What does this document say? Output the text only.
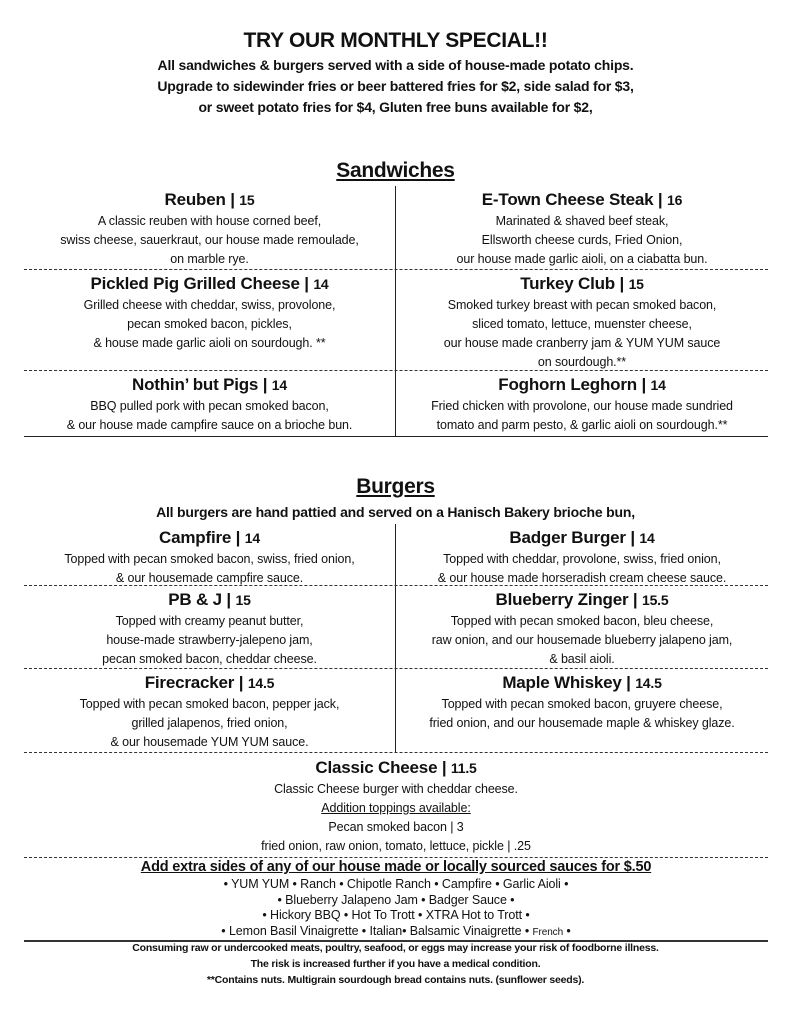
TRY OUR MONTHLY SPECIAL!!
All sandwiches & burgers served with a side of house-made potato chips.
Upgrade to sidewinder fries or beer battered fries for $2, side salad for $3,
or sweet potato fries for $4, Gluten free buns available for $2,
Sandwiches
Reuben | 15
A classic reuben with house corned beef,
swiss cheese, sauerkraut, our house made remoulade,
on marble rye.
E-Town Cheese Steak | 16
Marinated & shaved beef steak,
Ellsworth cheese curds, Fried Onion,
our house made garlic aioli, on a ciabatta bun.
Pickled Pig Grilled Cheese | 14
Grilled cheese with cheddar, swiss, provolone,
pecan smoked bacon, pickles,
& house made garlic aioli on sourdough. **
Turkey Club | 15
Smoked turkey breast with pecan smoked bacon,
sliced tomato, lettuce, muenster cheese,
our house made cranberry jam & YUM YUM sauce
on sourdough.**
Nothin’ but Pigs | 14
BBQ pulled pork with pecan smoked bacon,
& our house made campfire sauce on a brioche bun.
Foghorn Leghorn | 14
Fried chicken with provolone, our house made sundried
tomato and parm pesto, & garlic aioli on sourdough.**
Burgers
All burgers are hand pattied and served on a Hanisch Bakery brioche bun,
Campfire | 14
Topped with pecan smoked bacon, swiss, fried onion,
& our housemade campfire sauce.
Badger Burger | 14
Topped with cheddar, provolone, swiss, fried onion,
& our house made horseradish cream cheese sauce.
PB & J | 15
Topped with creamy peanut butter,
house-made strawberry-jalepeno jam,
pecan smoked bacon, cheddar cheese.
Blueberry Zinger | 15.5
Topped with pecan smoked bacon, bleu cheese,
raw onion, and our housemade blueberry jalapeno jam,
& basil aioli.
Firecracker | 14.5
Topped with pecan smoked bacon, pepper jack,
grilled jalapenos, fried onion,
& our housemade YUM YUM sauce.
Maple Whiskey | 14.5
Topped with pecan smoked bacon, gruyere cheese,
fried onion, and our housemade maple & whiskey glaze.
Classic Cheese | 11.5
Classic Cheese burger with cheddar cheese.
Addition toppings available:
Pecan smoked bacon | 3
fried onion, raw onion, tomato, lettuce, pickle | .25
Add extra sides of any of our house made or locally sourced sauces for $.50
• YUM YUM • Ranch • Chipotle Ranch • Campfire • Garlic Aioli •
• Blueberry Jalapeno Jam • Badger Sauce •
• Hickory BBQ • Hot To Trott • XTRA Hot to Trott •
• Lemon Basil Vinaigrette • Italian• Balsamic Vinaigrette • French •
Consuming raw or undercooked meats, poultry, seafood, or eggs may increase your risk of foodborne illness.
The risk is increased further if you have a medical condition.
**Contains nuts. Multigrain sourdough bread contains nuts. (sunflower seeds).
